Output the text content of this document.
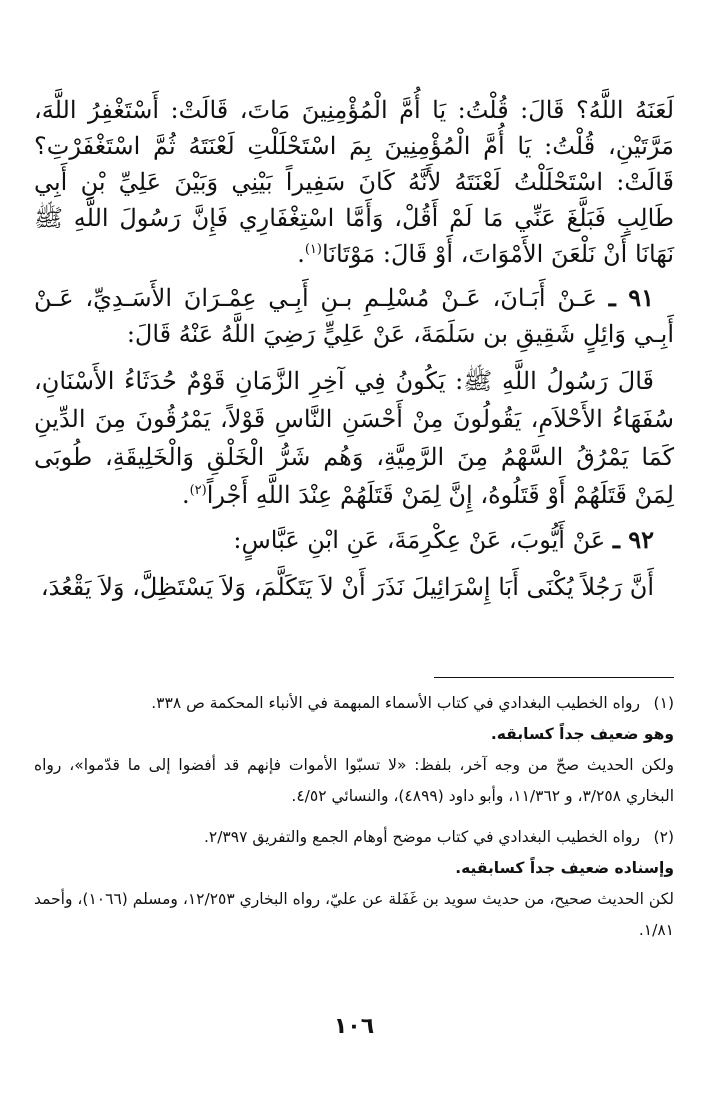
لَعَنَهُ اللَّهُ؟ قَالَ: قُلْتُ: يَا أُمَّ الْمُؤْمِنِينَ مَاتَ، قَالَتْ: أَسْتَغْفِرُ اللَّهَ، مَرَّتَيْنِ، قُلْتُ: يَا أُمَّ الْمُؤْمِنِينَ بِمَ اسْتَحْلَلْتِ لَعْنَتَهُ ثُمَّ اسْتَغْفَرْتِ؟ قَالَتْ: اسْتَحْلَلْتُ لَعْنَتَهُ لأَنَّهُ كَانَ سَفِيراً بَيْنِي وَبَيْنَ عَلِيِّ بْنِ أَبِي طَالِبٍ فَبَلَّغَ عَنِّي مَا لَمْ أَقُلْ، وَأَمَّا اسْتِغْفَارِي فَإِنَّ رَسُولَ اللَّهِ ﷺ نَهَانَا أَنْ نَلْعَنَ الأَمْوَاتَ، أَوْ قَالَ: مَوْتَانَا$^{(١)}$.

٩١ ـ عَـنْ أَبَـانَ، عَـنْ مُسْلِـمِ بـنِ أَبِـي عِمْـرَانَ الأَسَـدِيِّ، عَـنْ أَبِـي وَائِلٍ شَقِيقِ بن سَلَمَةَ، عَنْ عَلِيٍّ رَضِيَ اللَّهُ عَنْهُ قَالَ:

قَالَ رَسُولُ اللَّهِ ﷺ: يَكُونُ فِي آخِرِ الزَّمَانِ قَوْمٌ حُدَثَاءُ الأَسْنَانِ، سُفَهَاءُ الأَحْلاَمِ، يَقُولُونَ مِنْ أَحْسَنِ النَّاسِ قَوْلاً، يَمْرُقُونَ مِنَ الدِّينِ كَمَا يَمْرُقُ السَّهْمُ مِنَ الرَّمِيَّةِ، وَهُم شَرُّ الْخَلْقِ وَالْخَلِيقَةِ، طُوبَى لِمَنْ قَتَلَهُمْ أَوْ قَتَلُوهُ، إِنَّ لِمَنْ قَتَلَهُمْ عِنْدَ اللَّهِ أَجْراً$^{(٢)}$.

٩٢ ـ عَنْ أَيُّوبَ، عَنْ عِكْرِمَةَ، عَنِ ابْنِ عَبَّاسٍ:

أَنَّ رَجُلاً يُكْنَى أَبَا إِسْرَائِيلَ نَذَرَ أَنْ لاَ يَتَكَلَّمَ، وَلاَ يَسْتَظِلَّ، وَلاَ يَقْعُدَ،

(١)رواه الخطيب البغدادي في كتاب الأسماء المبهمة في الأنباء المحكمة ص ٣٣٨.

وهو ضعيف جداً كسابقه.

ولكن الحديث صحّ من وجه آخر، بلفظ: «لا تسبّوا الأموات فإنهم قد أفضوا إلى ما قدّموا»، رواه البخاري ٣/٢٥٨، و ١١/٣٦٢، وأبو داود (٤٨٩٩)، والنسائي ٤/٥٢.

(٢)رواه الخطيب البغدادي في كتاب موضح أوهام الجمع والتفريق ٢/٣٩٧.

وإسناده ضعيف جداً كسابقيه.

لكن الحديث صحيح، من حديث سويد بن غَفَلة عن عليّ، رواه البخاري ١٢/٢٥٣، ومسلم (١٠٦٦)، وأحمد ١/٨١.

١٠٦
